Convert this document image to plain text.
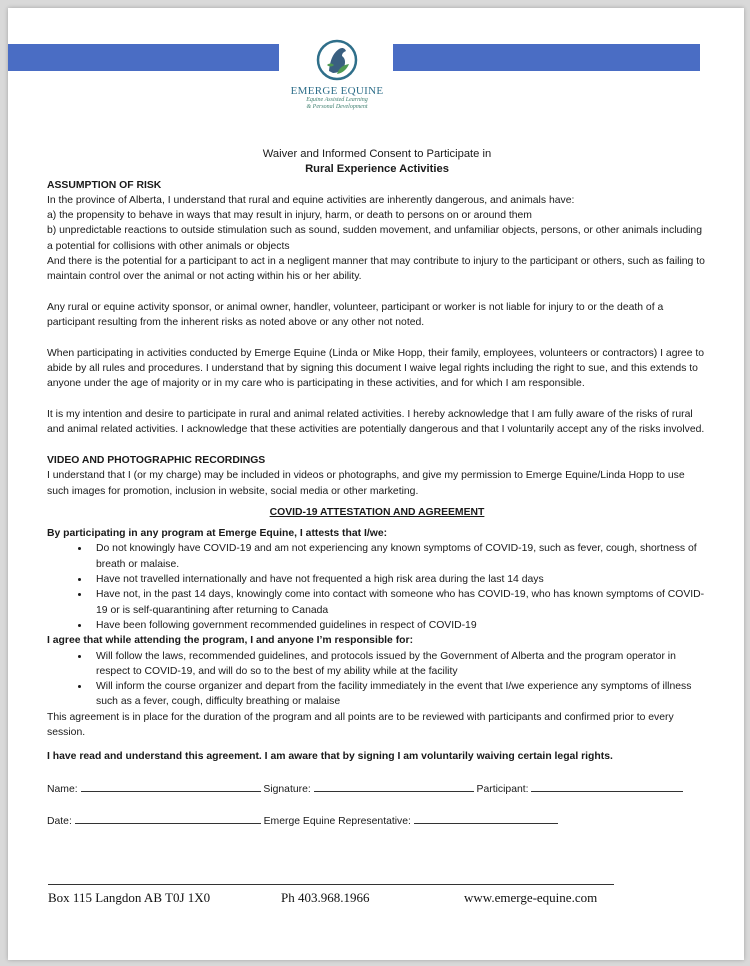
EMERGE EQUINE
Equine Assisted Learning
& Personal Development
Waiver and Informed Consent to Participate in
Rural Experience Activities

ASSUMPTION OF RISK

In the province of Alberta, I understand that rural and equine activities are inherently dangerous, and animals have:

a) the propensity to behave in ways that may result in injury, harm, or death to persons on or around them

b) unpredictable reactions to outside stimulation such as sound, sudden movement, and unfamiliar objects, persons, or other animals including a potential for collisions with other animals or objects

And there is the potential for a participant to act in a negligent manner that may contribute to injury to the participant or others, such as failing to maintain control over the animal or not acting within his or her ability.

Any rural or equine activity sponsor, or animal owner, handler, volunteer, participant or worker is not liable for injury to or the death of a participant resulting from the inherent risks as noted above or any other not noted.

When participating in activities conducted by Emerge Equine (Linda or Mike Hopp, their family, employees, volunteers or contractors) I agree to abide by all rules and procedures. I understand that by signing this document I waive legal rights including the right to sue, and this extends to anyone under the age of majority or in my care who is participating in these activities, and for which I am responsible.

It is my intention and desire to participate in rural and animal related activities. I hereby acknowledge that I am fully aware of the risks of rural and animal related activities. I acknowledge that these activities are potentially dangerous and that I voluntarily accept any of the risks involved.

VIDEO AND PHOTOGRAPHIC RECORDINGS

I understand that I (or my charge) may be included in videos or photographs, and give my permission to Emerge Equine/Linda Hopp to use such images for promotion, inclusion in website, social media or other marketing.

COVID-19 ATTESTATION AND AGREEMENT

By participating in any program at Emerge Equine, I attests that I/we:

• Do not knowingly have COVID-19 and am not experiencing any known symptoms of COVID-19, such as fever, cough, shortness of breath or malaise.
• Have not travelled internationally and have not frequented a high risk area during the last 14 days
• Have not, in the past 14 days, knowingly come into contact with someone who has COVID-19, who has known symptoms of COVID-19 or is self-quarantining after returning to Canada
• Have been following government recommended guidelines in respect of COVID-19

I agree that while attending the program, I and anyone I’m responsible for:

• Will follow the laws, recommended guidelines, and protocols issued by the Government of Alberta and the program operator in respect to COVID-19, and will do so to the best of my ability while at the facility
• Will inform the course organizer and depart from the facility immediately in the event that I/we experience any symptoms of illness such as a fever, cough, difficulty breathing or malaise

This agreement is in place for the duration of the program and all points are to be reviewed with participants and confirmed prior to every session.

I have read and understand this agreement. I am aware that by signing I am voluntarily waiving certain legal rights.

Name:	Signature:	Participant:
Date:	Emerge Equine Representative:
Box 115 Langdon AB T0J 1X0	Ph 403.968.1966	www.emerge-equine.com
